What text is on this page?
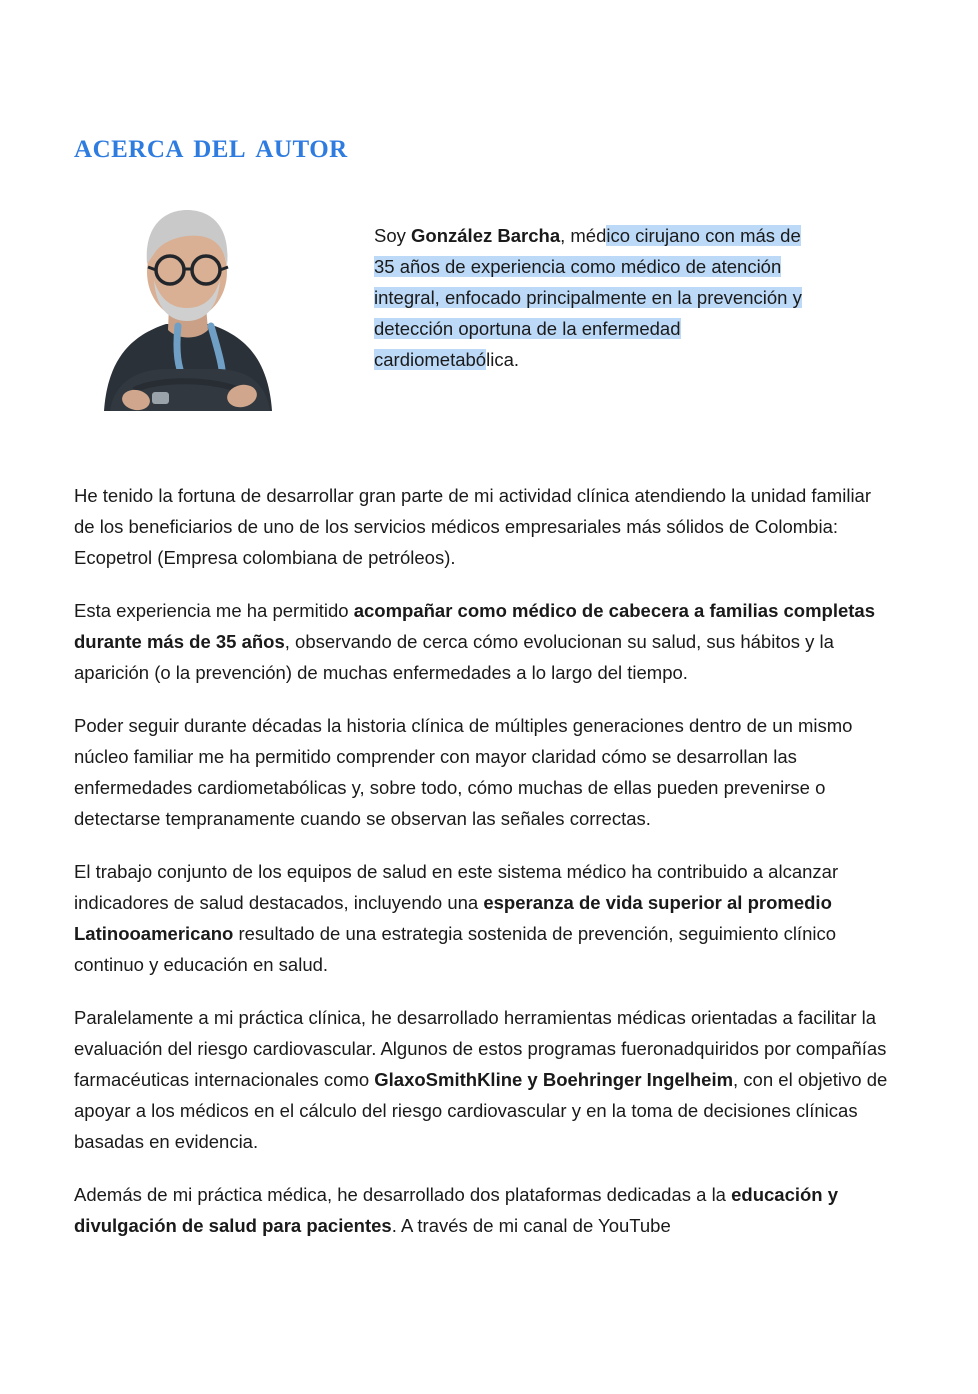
acerca del autor
Soy González Barcha, médico cirujano con más de 35 años de experiencia como médico de atención integral, enfocado principalmente en la prevención y detección oportuna de la enfermedad cardiometabólica.

He tenido la fortuna de desarrollar gran parte de mi actividad clínica atendiendo la unidad familiar de los beneficiarios de uno de los servicios médicos empresariales más sólidos de Colombia: Ecopetrol (Empresa colombiana de petróleos).

Esta experiencia me ha permitido acompañar como médico de cabecera a familias completas durante más de 35 años, observando de cerca cómo evolucionan su salud, sus hábitos y la aparición (o la prevención) de muchas enfermedades a lo largo del tiempo.

Poder seguir durante décadas la historia clínica de múltiples generaciones dentro de un mismo núcleo familiar me ha permitido comprender con mayor claridad cómo se desarrollan las enfermedades cardiometabólicas y, sobre todo, cómo muchas de ellas pueden prevenirse o detectarse tempranamente cuando se observan las señales correctas.

El trabajo conjunto de los equipos de salud en este sistema médico ha contribuido a alcanzar indicadores de salud destacados, incluyendo una esperanza de vida superior al promedio Latinooamericano resultado de una estrategia sostenida de prevención, seguimiento clínico continuo y educación en salud.

Paralelamente a mi práctica clínica, he desarrollado herramientas médicas orientadas a facilitar la evaluación del riesgo cardiovascular. Algunos de estos programas fueronadquiridos por compañías farmacéuticas internacionales como GlaxoSmithKline y Boehringer Ingelheim, con el objetivo de apoyar a los médicos en el cálculo del riesgo cardiovascular y en la toma de decisiones clínicas basadas en evidencia.

Además de mi práctica médica, he desarrollado dos plataformas dedicadas a la educación y divulgación de salud para pacientes. A través de mi canal de YouTube
